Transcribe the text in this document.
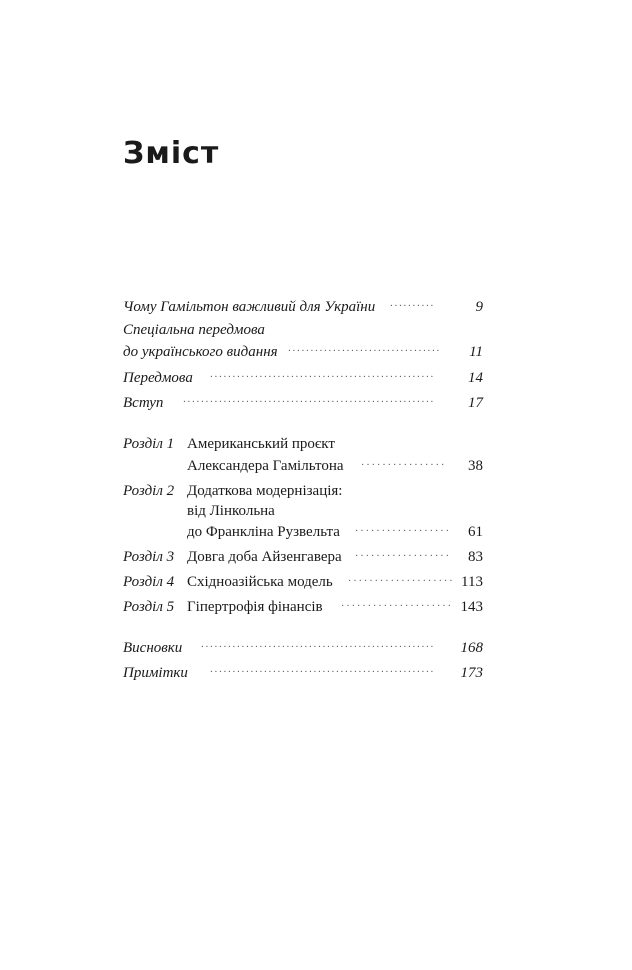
Зміст
Чому Гамільтон важливий для України	··········	9
Спеціальна передмова
до українського видання ·································· 11
Передмова	·················································· 14
Вступ	························································ 17
Розділ 1 Американський проєкт
Александера Гамільтона ················ 38
Розділ 2 Додаткова модернізація:
від Лінкольна
до Франкліна Рузвельта ·················· 61
Розділ 3 Довга доба Айзенгавера ·················· 83
Розділ 4 Східноазійська модель ···················· 113
Розділ 5 Гіпертрофія фінансів ····················· 143
Висновки	···················································· 168
Примітки	·················································· 173
